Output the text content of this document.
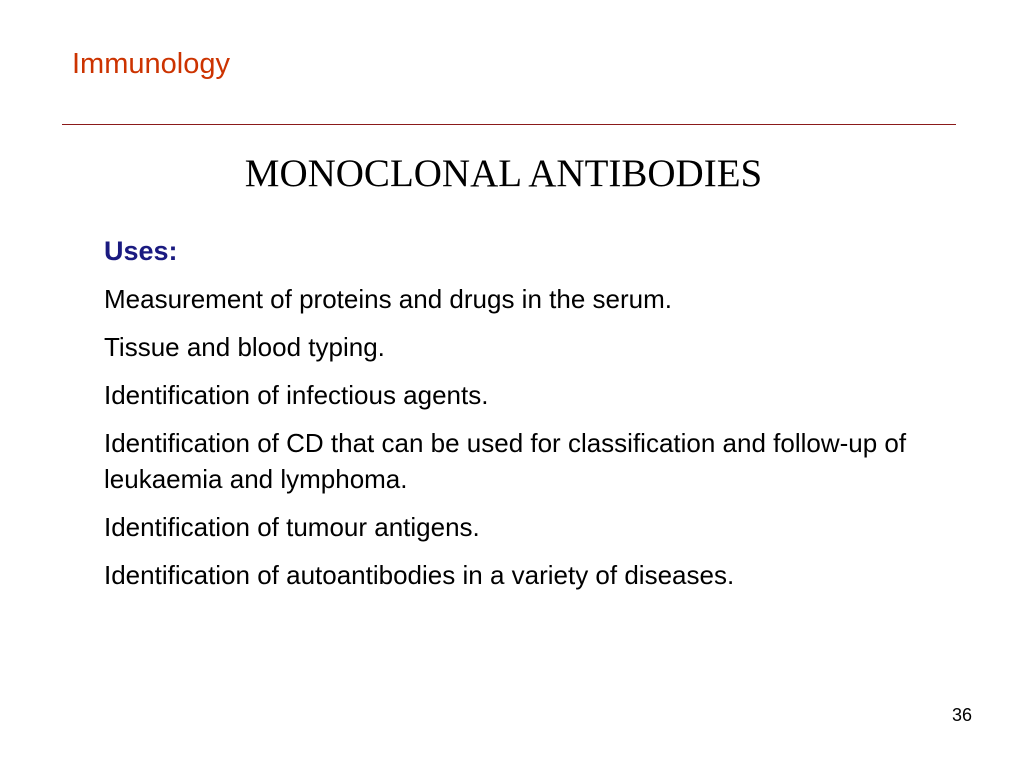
Immunology
MONOCLONAL ANTIBODIES
Uses:
Measurement of proteins and drugs in the serum.
Tissue and blood typing.
Identification of infectious agents.
Identification of CD that can be used for classification and follow-up of leukaemia and lymphoma.
Identification of tumour antigens.
Identification of autoantibodies in a variety of diseases.
36
